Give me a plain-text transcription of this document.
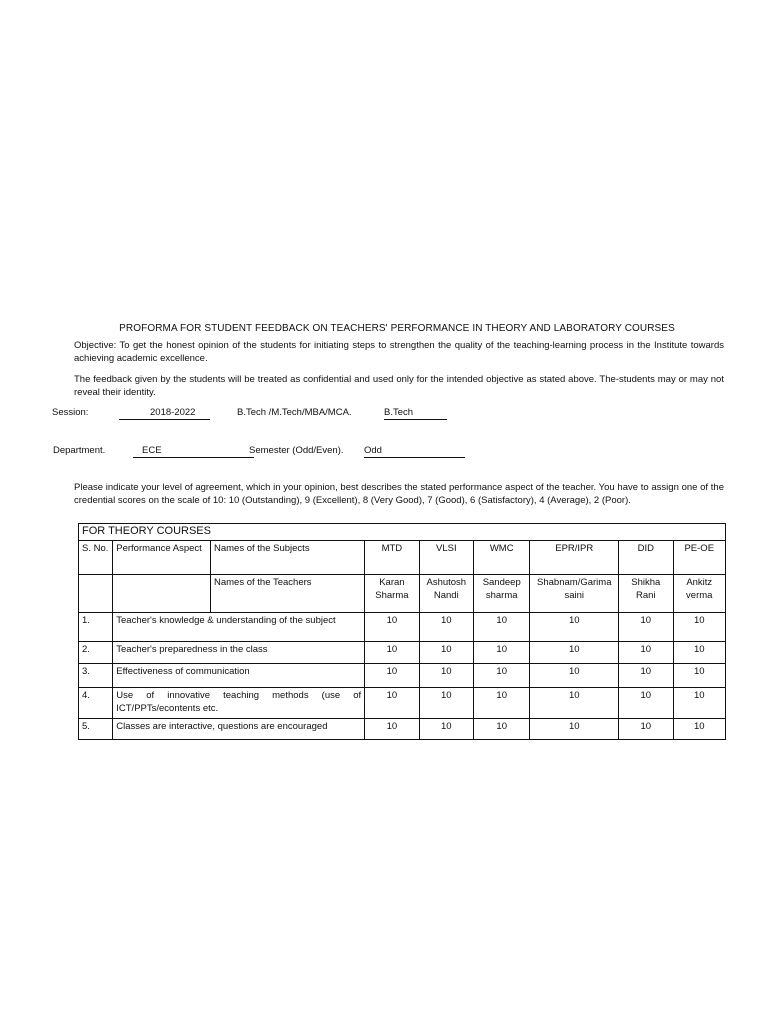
PROFORMA FOR STUDENT FEEDBACK ON TEACHERS' PERFORMANCE IN THEORY AND LABORATORY COURSES
Objective: To get the honest opinion of the students for initiating steps to strengthen the quality of the teaching-learning process in the Institute towards achieving academic excellence.
The feedback given by the students will be treated as confidential and used only for the intended objective as stated above. The-students may or may not reveal their identity.
Session:	2018-2022	B.Tech /M.Tech/MBA/MCA.	B.Tech
Department.	ECE	Semester (Odd/Even). Odd
Please indicate your level of agreement, which in your opinion, best describes the stated performance aspect of the teacher. You have to assign one of the credential scores on the scale of 10: 10 (Outstanding), 9 (Excellent), 8 (Very Good), 7 (Good), 6 (Satisfactory), 4 (Average), 2 (Poor).
FOR THEORY COURSES								
S. No.	Performance Aspect	Names of the Subjects	MTD	VLSI	WMC	EPR/IPR	DID	PE-OE
		Names of the Teachers	Karan Sharma	Ashutosh Nandi	Sandeep sharma	Shabnam/Garima saini	Shikha Rani	Ankitz verma
1.	Teacher's knowledge & understanding of the subject		10	10	10	10	10	10
2.	Teacher's preparedness in the class		10	10	10	10	10	10
3.	Effectiveness of communication		10	10	10	10	10	10
4.	Use of innovative teaching methods (use of ICT/PPTs/econtents etc.		10	10	10	10	10	10
5.	Classes are interactive, questions are encouraged		10	10	10	10	10	10
